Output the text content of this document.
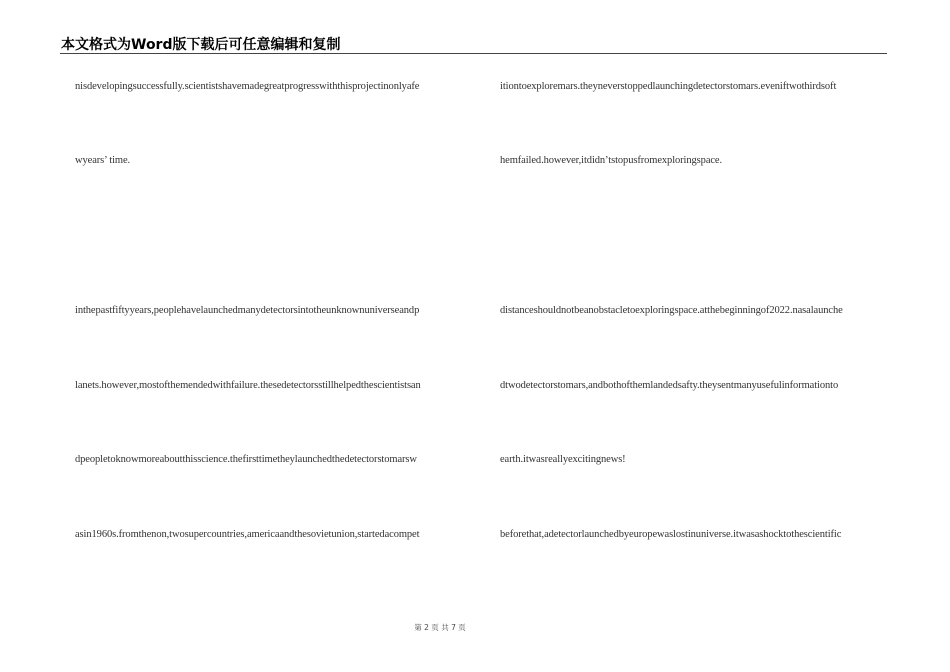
本文格式为Word版下载后可任意编辑和复制
nisdevelopingsuccessfully.scientistshavemadegreatprogresswiththisprojectinonlyafe
wyears’ time.
inthepastfiftyyears,peoplehavelaunchedmanydetectorsintotheunknownuniverseandp
lanets.however,mostofthemendedwithfailure.thesedetectorsstillhelpedthescientistsan
dpeopletoknowmoreaboutthisscience.thefirsttimetheylaunchedthedetectorstomarsw
asin1960s.fromthenon,twosupercountries,americaandthesovietunion,startedacompet
itiontoexploremars.theyneverstoppedlaunchingdetectorstomars.eveniftwothirdsoft
hemfailed.however,itdidn’tstopusfromexploringspace.
distanceshouldnotbeanobstacletoexploringspace.atthebeginningof2022.nasalaunche
dtwodetectorstomars,andbothofthemlandedsafty.theysentmanyusefulinformationto
earth.itwasreallyexcitingnews!
beforethat,adetectorlaunchedbyeuropewaslostinuniverse.itwasashocktothescientific
第 2 页 共 7 页
